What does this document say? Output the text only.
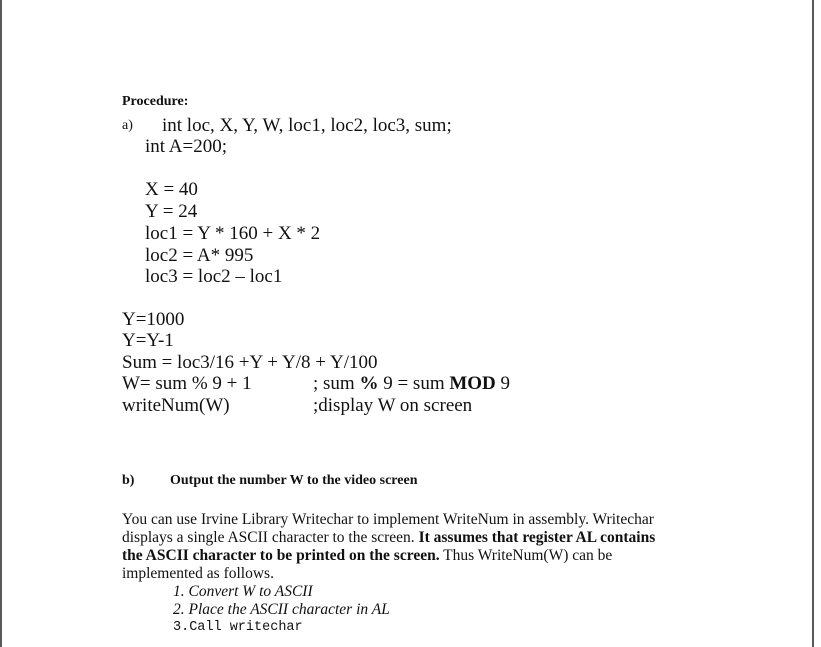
Procedure:
a) int loc, X, Y, W, loc1, loc2, loc3, sum;
int A=200;
X = 40
Y = 24
loc1 = Y * 160 + X * 2
loc2 = A* 995
loc3 = loc2 – loc1
Y=1000
Y=Y-1
Sum = loc3/16 +Y + Y/8 + Y/100
W= sum % 9 + 1	; sum % 9 = sum MOD 9
writeNum(W)	;display W on screen
b)	Output the number W to the video screen
You can use Irvine Library Writechar to implement WriteNum in assembly. Writechar
displays a single ASCII character to the screen. It assumes that register AL contains
the ASCII character to be printed on the screen. Thus WriteNum(W) can be
implemented as follows.
1. Convert W to ASCII
2. Place the ASCII character in AL
3.Call writechar
